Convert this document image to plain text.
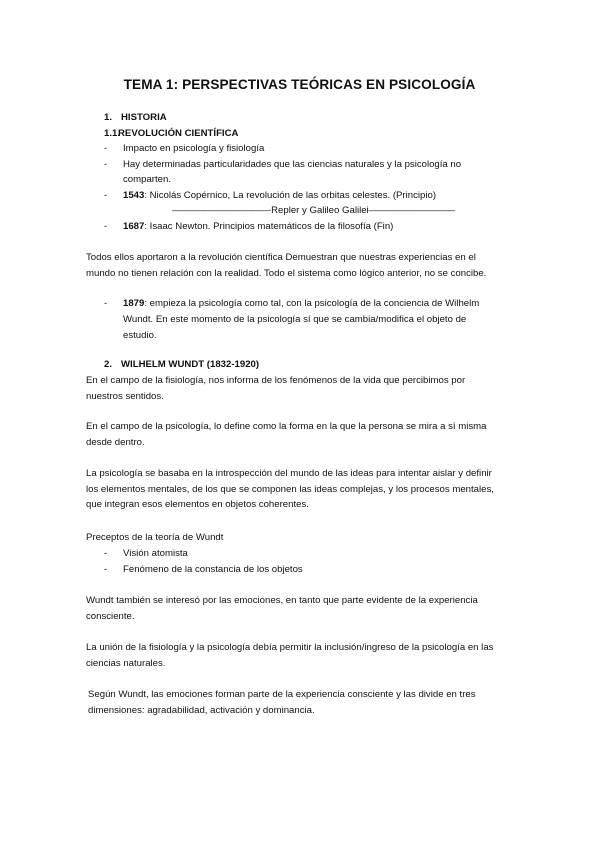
TEMA 1: PERSPECTIVAS TEÓRICAS EN PSICOLOGÍA
1. HISTORIA
1.1.REVOLUCIÓN CIENTÍFICA
- Impacto en psicología y fisiología
- Hay determinadas particularidades que las ciencias naturales y la psicología no
comparten.
- 1543: Nicolás Copérnico, La revolución de las orbitas celestes. (Principio)
——————————-Repler y Galileo Galilei—————————
- 1687: Isaac Newton. Principios matemáticos de la filosofía (Fin)
Todos ellos aportaron a la revolución científica Demuestran que nuestras experiencias en el
mundo no tienen relación con la realidad. Todo el sistema como lógico anterior, no se concibe.
- 1879: empieza la psicología como tal, con la psicología de la conciencia de Wilhelm
Wundt. En este momento de la psicología sí que se cambia/modifica el objeto de
estudio.
2. WILHELM WUNDT (1832-1920)
En el campo de la fisiología, nos informa de los fenómenos de la vida que percibimos por
nuestros sentidos.
En el campo de la psicología, lo define como la forma en la que la persona se mira a sí misma
desde dentro.
La psicología se basaba en la introspección del mundo de las ideas para intentar aislar y definir
los elementos mentales, de los que se componen las ideas complejas, y los procesos mentales,
que integran esos elementos en objetos coherentes.
Preceptos de la teoría de Wundt
- Visión atomista
- Fenómeno de la constancia de los objetos
Wundt también se interesó por las emociones, en tanto que parte evidente de la experiencia
consciente.
La unión de la fisiología y la psicología debía permitir la inclusión/ingreso de la psicología en las
ciencias naturales.
Según Wundt, las emociones forman parte de la experiencia consciente y las divide en tres
dimensiones: agradabilidad, activación y dominancia.
